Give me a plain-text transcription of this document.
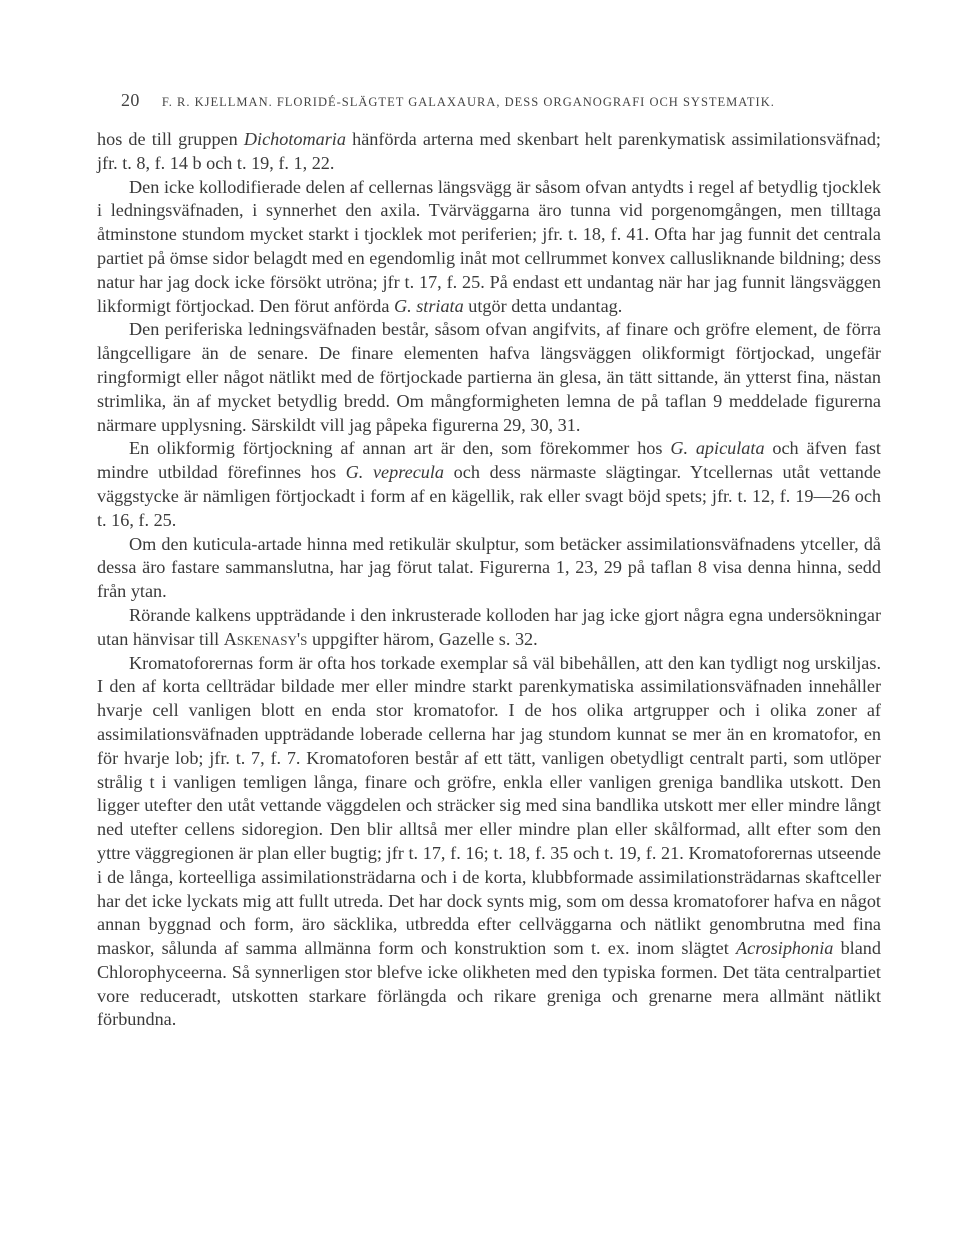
20 F. R. KJELLMAN. FLORIDÉ-SLÄGTET GALAXAURA, DESS ORGANOGRAFI OCH SYSTEMATIK.

hos de till gruppen Dichotomaria hänförda arterna med skenbart helt parenkymatisk assimilationsväfnad; jfr. t. 8, f. 14 b och t. 19, f. 1, 22.

Den icke kollodifierade delen af cellernas längsvägg är såsom ofvan antydts i regel af betydlig tjocklek i ledningsväfnaden, i synnerhet den axila. Tvärväggarna äro tunna vid porgenomgången, men tilltaga åtminstone stundom mycket starkt i tjocklek mot periferien; jfr. t. 18, f. 41. Ofta har jag funnit det centrala partiet på ömse sidor belagdt med en egendomlig inåt mot cellrummet konvex callusliknande bildning; dess natur har jag dock icke försökt utröna; jfr t. 17, f. 25. På endast ett undantag när har jag funnit längsväggen likformigt förtjockad. Den förut anförda G. striata utgör detta undantag.

Den periferiska ledningsväfnaden består, såsom ofvan angifvits, af finare och gröfre element, de förra långcelligare än de senare. De finare elementen hafva längsväggen olikformigt förtjockad, ungefär ringformigt eller något nätlikt med de förtjockade partierna än glesa, än tätt sittande, än ytterst fina, nästan strimlika, än af mycket betydlig bredd. Om mångformigheten lemna de på taflan 9 meddelade figurerna närmare upplysning. Särskildt vill jag påpeka figurerna 29, 30, 31.

En olikformig förtjockning af annan art är den, som förekommer hos G. apiculata och äfven fast mindre utbildad förefinnes hos G. veprecula och dess närmaste slägtingar. Ytcellernas utåt vettande väggstycke är nämligen förtjockadt i form af en kägellik, rak eller svagt böjd spets; jfr. t. 12, f. 19—26 och t. 16, f. 25.

Om den kuticula-artade hinna med retikulär skulptur, som betäcker assimilationsväfnadens ytceller, då dessa äro fastare sammanslutna, har jag förut talat. Figurerna 1, 23, 29 på taflan 8 visa denna hinna, sedd från ytan.

Rörande kalkens uppträdande i den inkrusterade kolloden har jag icke gjort några egna undersökningar utan hänvisar till Askenasy's uppgifter härom, Gazelle s. 32.

Kromatoforernas form är ofta hos torkade exemplar så väl bibehållen, att den kan tydligt nog urskiljas. I den af korta cellträdar bildade mer eller mindre starkt parenkymatiska assimilationsväfnaden innehåller hvarje cell vanligen blott en enda stor kromatofor. I de hos olika artgrupper och i olika zoner af assimilationsväfnaden uppträdande loberade cellerna har jag stundom kunnat se mer än en kromatofor, en för hvarje lob; jfr. t. 7, f. 7. Kromatoforen består af ett tätt, vanligen obetydligt centralt parti, som utlöper strålig t i vanligen temligen långa, finare och gröfre, enkla eller vanligen greniga bandlika utskott. Den ligger utefter den utåt vettande väggdelen och sträcker sig med sina bandlika utskott mer eller mindre långt ned utefter cellens sidoregion. Den blir alltså mer eller mindre plan eller skålformad, allt efter som den yttre väggregionen är plan eller bugtig; jfr t. 17, f. 16; t. 18, f. 35 och t. 19, f. 21. Kromatoforernas utseende i de långa, korteelliga assimilationsträdarna och i de korta, klubbformade assimilationsträdarnas skaftceller har det icke lyckats mig att fullt utreda. Det har dock synts mig, som om dessa kromatoforer hafva en något annan byggnad och form, äro säcklika, utbredda efter cellväggarna och nätlikt genombrutna med fina maskor, sålunda af samma allmänna form och konstruktion som t. ex. inom slägtet Acrosiphonia bland Chlorophyceerna. Så synnerligen stor blefve icke olikheten med den typiska formen. Det täta centralpartiet vore reduceradt, utskotten starkare förlängda och rikare greniga och grenarne mera allmänt nätlikt förbundna.
